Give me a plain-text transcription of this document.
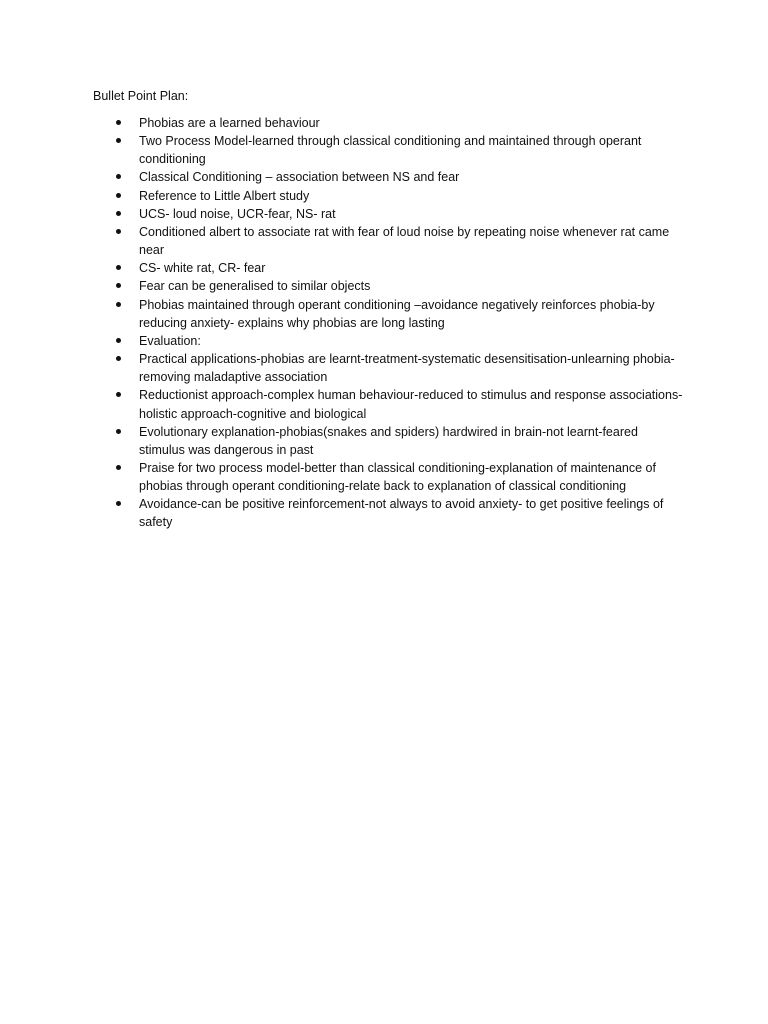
Bullet Point Plan:
Phobias are a learned behaviour
Two Process Model-learned through classical conditioning and maintained through operant conditioning
Classical Conditioning – association between NS and fear
Reference to Little Albert study
UCS- loud noise, UCR-fear, NS- rat
Conditioned albert to associate rat with fear of loud noise by repeating noise whenever rat came near
CS- white rat, CR- fear
Fear can be generalised to similar objects
Phobias maintained through operant conditioning –avoidance negatively reinforces phobia-by reducing anxiety- explains why phobias are long lasting
Evaluation:
Practical applications-phobias are learnt-treatment-systematic desensitisation-unlearning phobia-removing maladaptive association
Reductionist approach-complex human behaviour-reduced to stimulus and response associations-holistic approach-cognitive and biological
Evolutionary explanation-phobias(snakes and spiders) hardwired in brain-not learnt-feared stimulus was dangerous in past
Praise for two process model-better than classical conditioning-explanation of maintenance of phobias through operant conditioning-relate back to explanation of classical conditioning
Avoidance-can be positive reinforcement-not always to avoid anxiety- to get positive feelings of safety
